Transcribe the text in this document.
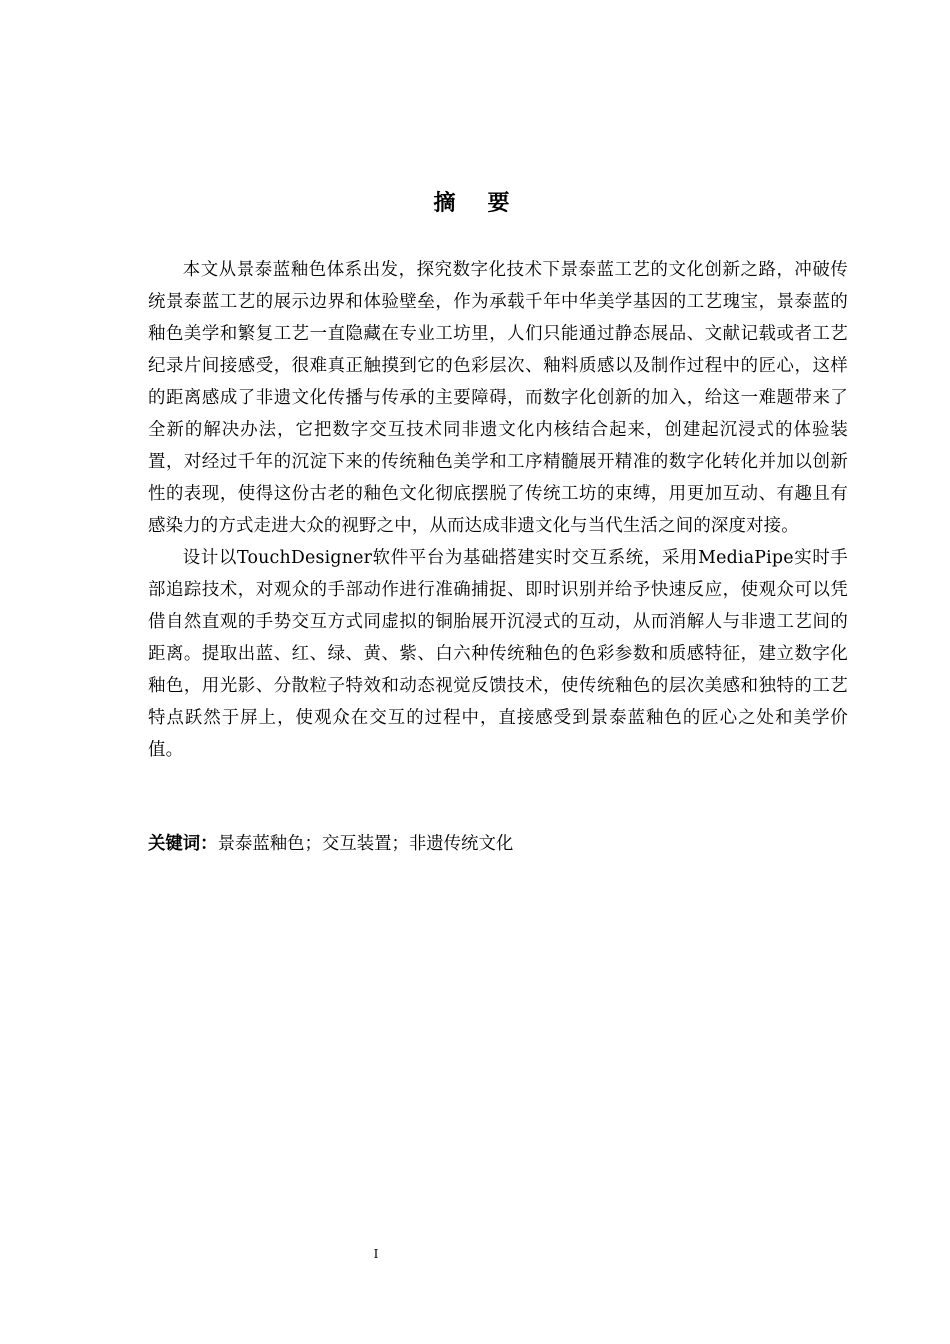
摘要

本文从景泰蓝釉色体系出发，探究数字化技术下景泰蓝工艺的文化创新之路，冲破传统景泰蓝工艺的展示边界和体验壁垒，作为承载千年中华美学基因的工艺瑰宝，景泰蓝的釉色美学和繁复工艺一直隐藏在专业工坊里，人们只能通过静态展品、文献记载或者工艺纪录片间接感受，很难真正触摸到它的色彩层次、釉料质感以及制作过程中的匠心，这样的距离感成了非遗文化传播与传承的主要障碍，而数字化创新的加入，给这一难题带来了全新的解决办法，它把数字交互技术同非遗文化内核结合起来，创建起沉浸式的体验装置，对经过千年的沉淀下来的传统釉色美学和工序精髓展开精准的数字化转化并加以创新性的表现，使得这份古老的釉色文化彻底摆脱了传统工坊的束缚，用更加互动、有趣且有感染力的方式走进大众的视野之中，从而达成非遗文化与当代生活之间的深度对接。

设计以TouchDesigner软件平台为基础搭建实时交互系统，采用MediaPipe实时手部追踪技术，对观众的手部动作进行准确捕捉、即时识别并给予快速反应，使观众可以凭借自然直观的手势交互方式同虚拟的铜胎展开沉浸式的互动，从而消解人与非遗工艺间的距离。提取出蓝、红、绿、黄、紫、白六种传统釉色的色彩参数和质感特征，建立数字化釉色，用光影、分散粒子特效和动态视觉反馈技术，使传统釉色的层次美感和独特的工艺特点跃然于屏上，使观众在交互的过程中，直接感受到景泰蓝釉色的匠心之处和美学价值。

关键词：景泰蓝釉色；交互装置；非遗传统文化

I
